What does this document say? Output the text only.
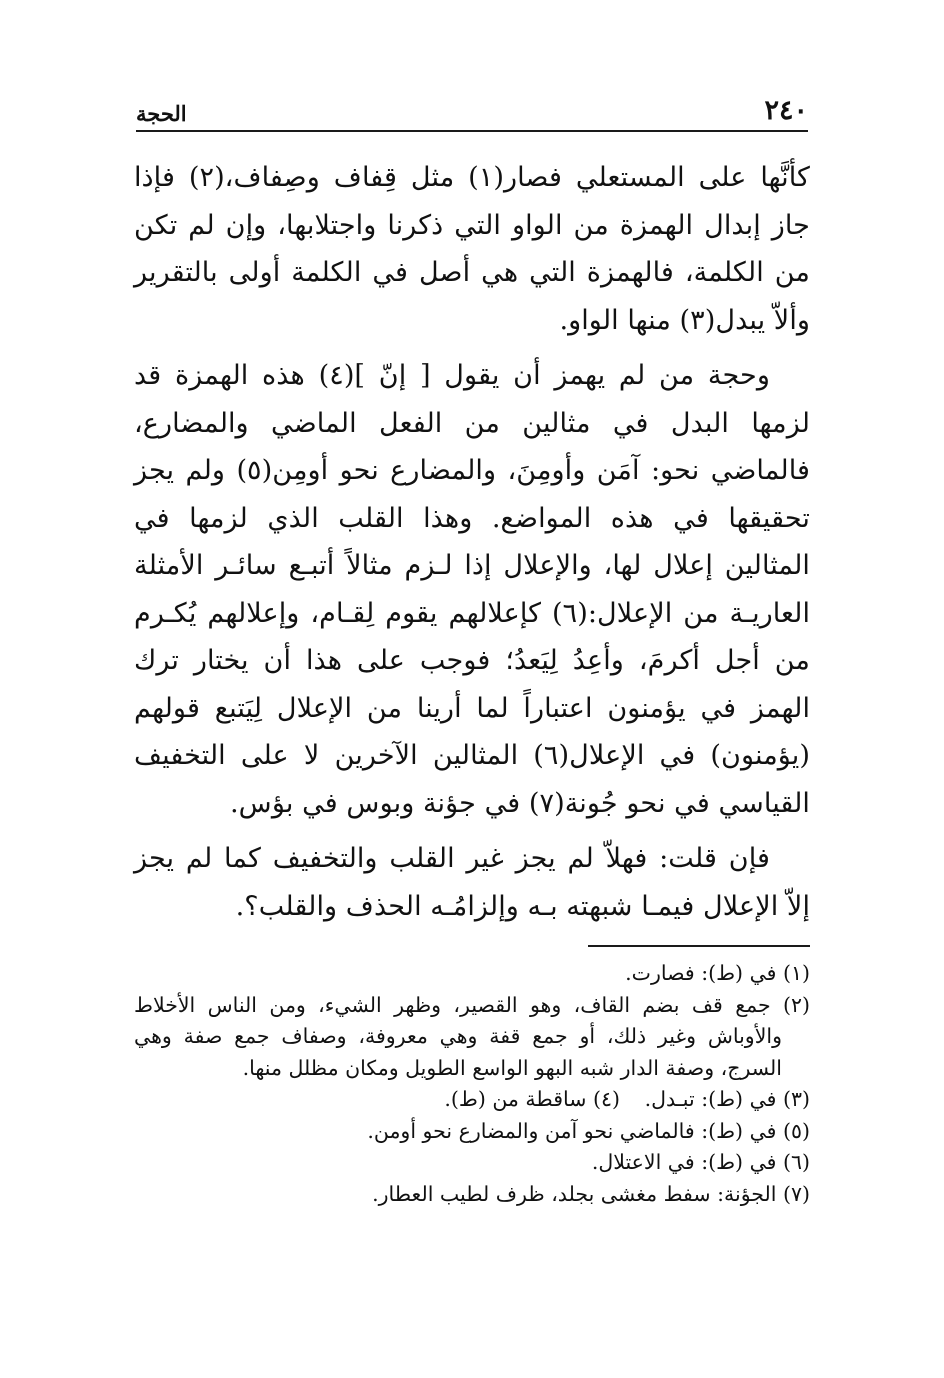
٢٤٠
الحجة

كأنَّها على المستعلي فصار(١) مثل قِفاف وصِفاف،(٢) فإذا جاز إبدال الهمزة من الواو التي ذكرنا واجتلابها، وإن لم تكن من الكلمة، فالهمزة التي هي أصل في الكلمة أولى بالتقرير وألاّ يبدل(٣) منها الواو.

وحجة من لم يهمز أن يقول [ إنّ ](٤) هذه الهمزة قد لزمها البدل في مثالين من الفعل الماضي والمضارع، فالماضي نحو: آمَن وأومِنَ، والمضارع نحو أومِن(٥) ولم يجز تحقيقها في هذه المواضع. وهذا القلب الذي لزمها في المثالين إعلال لها، والإعلال إذا لـزم مثالاً أتبـع سائـر الأمثلة العاريـة من الإعلال:(٦) كإعلالهم يقوم لِقـام، وإعلالهم يُكـرم من أجل أكرمَ، وأعِدُ لِيَعدُ؛ فوجب على هذا أن يختار ترك الهمز في يؤمنون اعتباراً لما أرينا من الإعلال لِيَتبع قولهم (يؤمنون) في الإعلال(٦) المثالين الآخرين لا على التخفيف القياسي في نحو جُونة(٧) في جؤنة وبوس في بؤس.

فإن قلت: فهلاّ لم يجز غير القلب والتخفيف كما لم يجز إلاّ الإعلال فيمـا شبهته بـه وإلزامُـه الحذف والقلب؟.

(١) في (ط): فصارت.

(٢) جمع قف بضم القاف، وهو القصير، وظهر الشيء، ومن الناس الأخلاط والأوباش وغير ذلك، أو جمع قفة وهي معروفة، وصفاف جمع صفة وهي السرج، وصفة الدار شبه البهو الواسع الطويل ومكان مظلل منها.

(٣) في (ط): تبـدل.

(٤) ساقطة من (ط).

(٥) في (ط): فالماضي نحو آمن والمضارع نحو أومن.

(٦) في (ط): في الاعتلال.

(٧) الجؤنة: سفط مغشى بجلد، ظرف لطيب العطار.
